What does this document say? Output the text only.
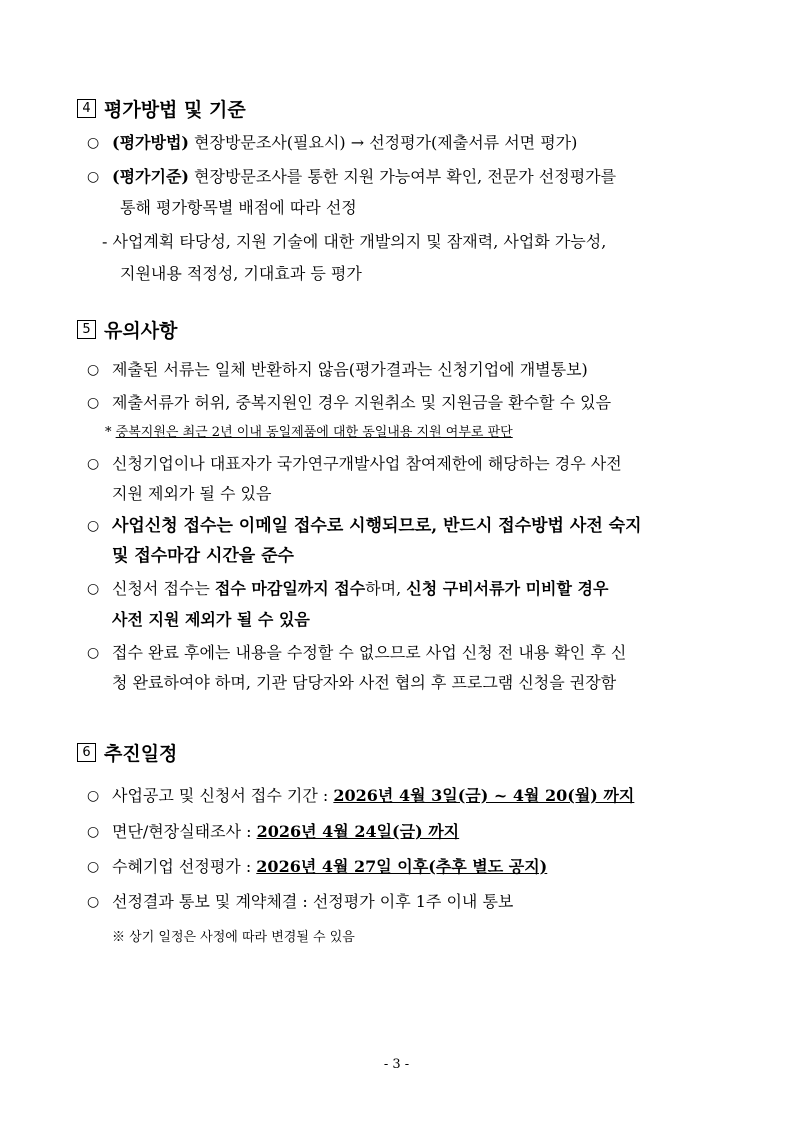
4 평가방법 및 기준
○ (평가방법) 현장방문조사(필요시) → 선정평가(제출서류 서면 평가)
○ (평가기준) 현장방문조사를 통한 지원 가능여부 확인, 전문가 선정평가를
통해 평가항목별 배점에 따라 선정
- 사업계획 타당성, 지원 기술에 대한 개발의지 및 잠재력, 사업화 가능성,
지원내용 적정성, 기대효과 등 평가
5 유의사항
○ 제출된 서류는 일체 반환하지 않음(평가결과는 신청기업에 개별통보)
○ 제출서류가 허위, 중복지원인 경우 지원취소 및 지원금을 환수할 수 있음
* 중복지원은 최근 2년 이내 동일제품에 대한 동일내용 지원 여부로 판단
○ 신청기업이나 대표자가 국가연구개발사업 참여제한에 해당하는 경우 사전
지원 제외가 될 수 있음
○ 사업신청 접수는 이메일 접수로 시행되므로, 반드시 접수방법 사전 숙지
및 접수마감 시간을 준수
○ 신청서 접수는 접수 마감일까지 접수하며, 신청 구비서류가 미비할 경우
사전 지원 제외가 될 수 있음
○ 접수 완료 후에는 내용을 수정할 수 없으므로 사업 신청 전 내용 확인 후 신
청 완료하여야 하며, 기관 담당자와 사전 협의 후 프로그램 신청을 권장함
6 추진일정
○ 사업공고 및 신청서 접수 기간 : 2026년 4월 3일(금) ~ 4월 20(월) 까지
○ 면단/현장실태조사 : 2026년 4월 24일(금) 까지
○ 수혜기업 선정평가 : 2026년 4월 27일 이후(추후 별도 공지)
○ 선정결과 통보 및 계약체결 : 선정평가 이후 1주 이내 통보
※ 상기 일정은 사정에 따라 변경될 수 있음
- 3 -
